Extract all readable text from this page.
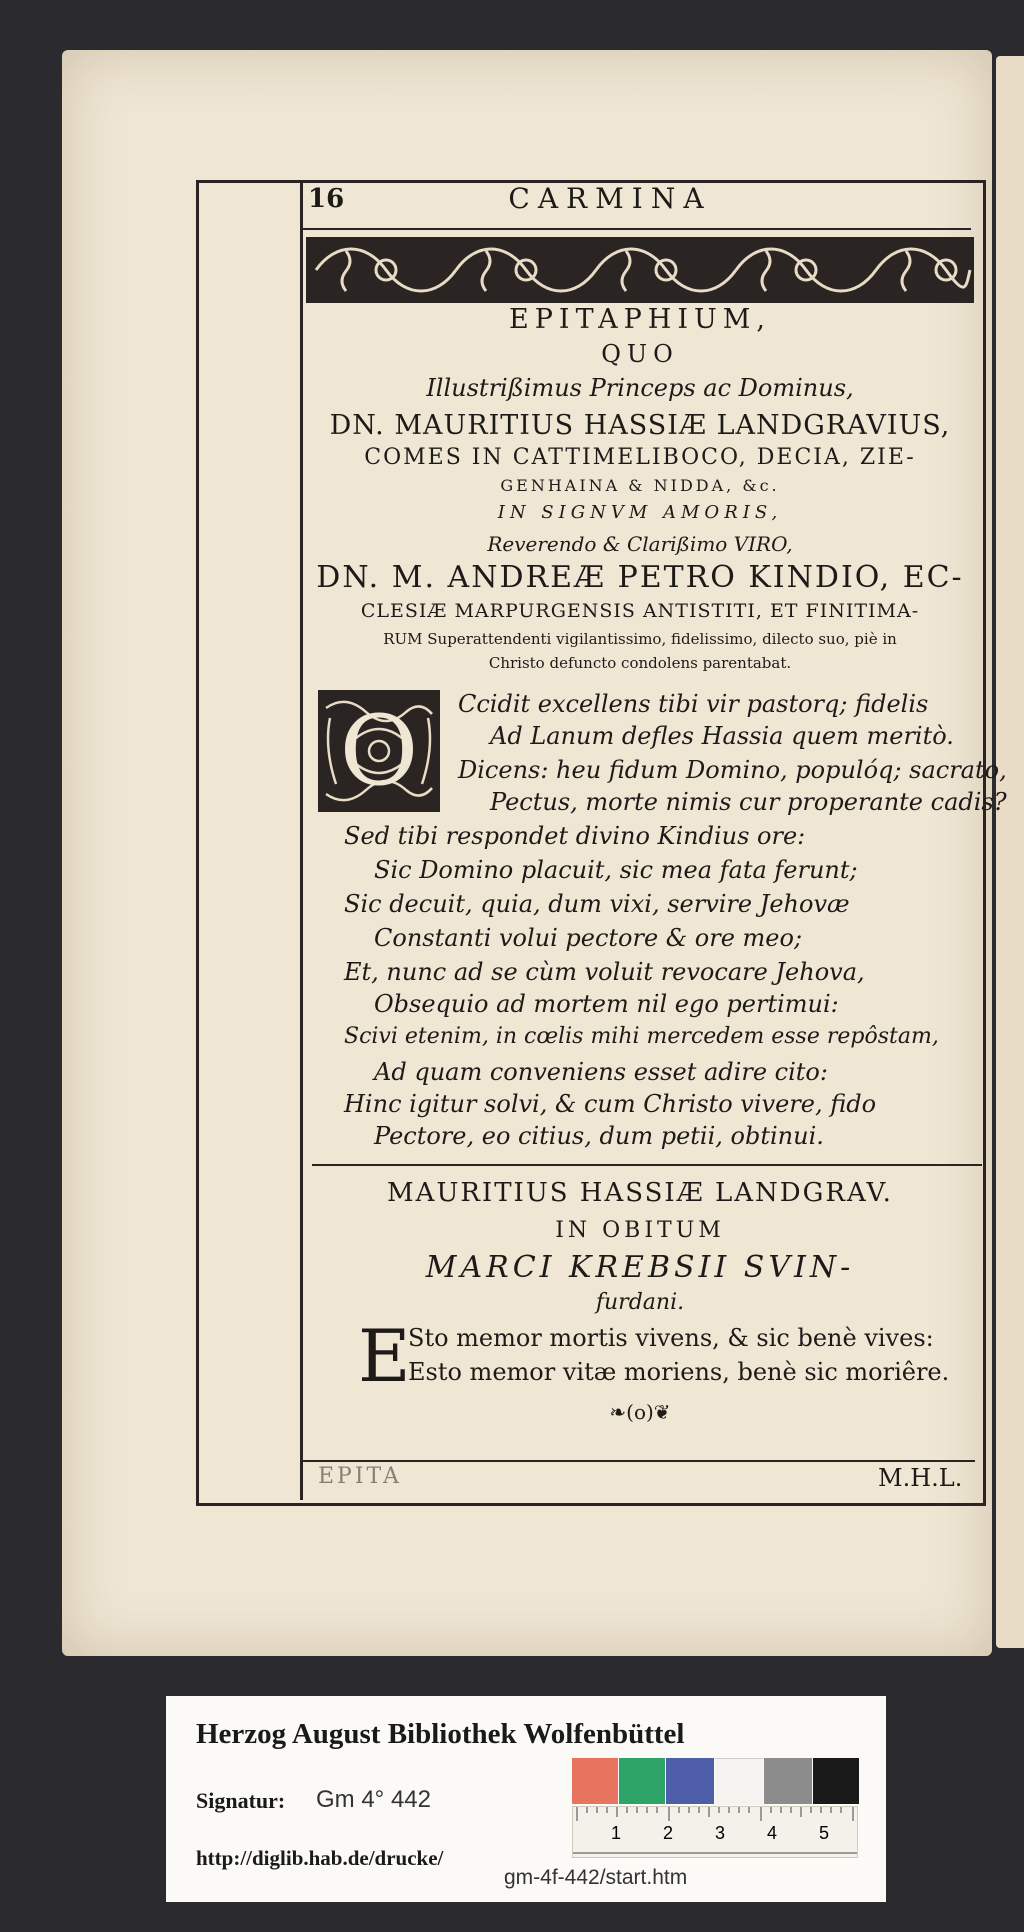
16	CARMINA
EPITAPHIUM,
QUO
Illustrißimus Princeps ac Dominus,
DN. MAURITIUS HASSIÆ LANDGRAVIUS,
COMES IN CATTIMELIBOCO, DECIA, ZIE-
GENHAINA & NIDDA, &c.
IN SIGNVM AMORIS,
Reverendo & Clarißimo VIRO,
DN. M. ANDREÆ PETRO KINDIO, EC-
CLESIÆ MARPURGENSIS ANTISTITI, ET FINITIMA-
RUM Superattendenti vigilantissimo, fidelissimo, dilecto suo, piè in
Christo defuncto condolens parentabat.
O	Ccidit excellens tibi vir pastorq; fidelis
Ad Lanum defles Hassia quem meritò.
Dicens: heu fidum Domino, populóq; sacrato,
Pectus, morte nimis cur properante cadis?
Sed tibi respondet divino Kindius ore:
Sic Domino placuit, sic mea fata ferunt;
Sic decuit, quia, dum vixi, servire Jehovæ
Constanti volui pectore & ore meo;
Et, nunc ad se cùm voluit revocare Jehova,
Obsequio ad mortem nil ego pertimui:
Scivi etenim, in cœlis mihi mercedem esse repôstam,
Ad quam conveniens esset adire cito:
Hinc igitur solvi, & cum Christo vivere, fido
Pectore, eo citius, dum petii, obtinui.
MAURITIUS HASSIÆ LANDGRAV.
IN OBITUM
MARCI KREBSII SVIN-
furdani.
E
Sto memor mortis vivens, & sic benè vives:
Esto memor vitæ moriens, benè sic moriêre.
❧(o)❦
EPITA	M.H.L.
Herzog August Bibliothek Wolfenbüttel
Signatur: Gm 4° 442
http://diglib.hab.de/drucke/
gm-4f-442/start.htm
1 2 3 4 5
